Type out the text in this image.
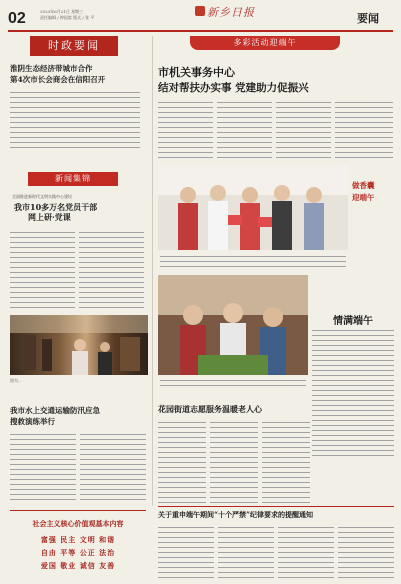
02	2023年6月21日 星期三
责任编辑 / 钟国富 版式 / 张 平	新乡日报	要闻
时政要闻
淮阴生态经济带城市合作
第4次市长会商会在信阳召开
新闻集锦
全面推进新时代文明实践中心建设
我市10多万名党员干部
网上研·党课
图为…
我市水上交通运输防汛应急
搜救演练举行
社会主义核心价值观基本内容
富强 民主 文明 和谐
自由 平等 公正 法治
爱国 敬业 诚信 友善
多彩活动迎端午
市机关事务中心
结对帮扶办实事 党建助力促振兴
做香囊
迎端午
情满端午
花园街道志愿服务温暖老人心
关于重申端午期间“十个严禁”纪律要求的提醒通知
